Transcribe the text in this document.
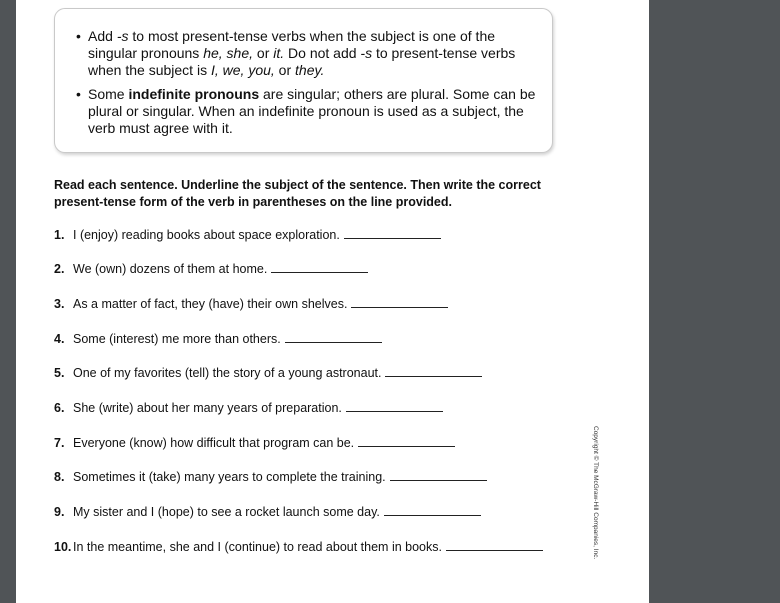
• Add -s to most present-tense verbs when the subject is one of the singular pronouns he, she, or it. Do not add -s to present-tense verbs when the subject is I, we, you, or they.
• Some indefinite pronouns are singular; others are plural. Some can be plural or singular. When an indefinite pronoun is used as a subject, the verb must agree with it.
Read each sentence. Underline the subject of the sentence. Then write the correct present-tense form of the verb in parentheses on the line provided.
1. I (enjoy) reading books about space exploration.
2. We (own) dozens of them at home.
3. As a matter of fact, they (have) their own shelves.
4. Some (interest) me more than others.
5. One of my favorites (tell) the story of a young astronaut.
6. She (write) about her many years of preparation.
7. Everyone (know) how difficult that program can be.
8. Sometimes it (take) many years to complete the training.
9. My sister and I (hope) to see a rocket launch some day.
10. In the meantime, she and I (continue) to read about them in books.	Copyright © The McGraw-Hill Companies, Inc.
